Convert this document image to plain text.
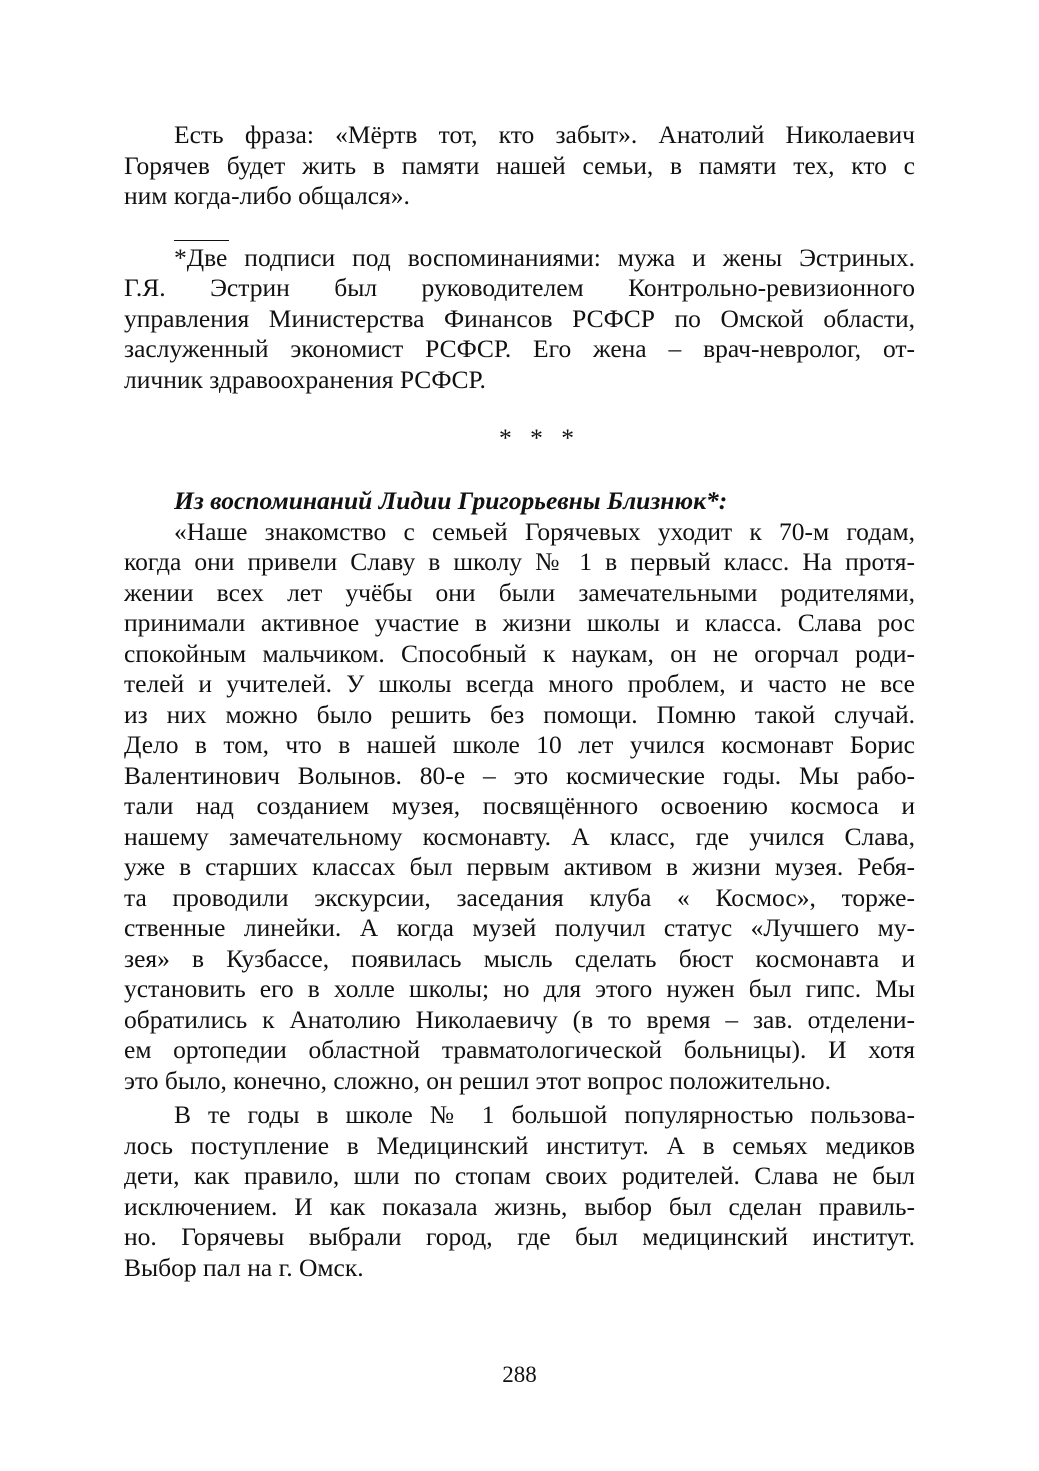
Есть фраза: «Мёртв тот, кто забыт». Анатолий Николаевич
Горячев будет жить в памяти нашей семьи, в памяти тех, кто с
ним когда-либо общался».
*Две подписи под воспоминаниями: мужа и жены Эстриных.
Г.Я. Эстрин был руководителем Контрольно-ревизионного
управления Министерства Финансов РСФСР по Омской области,
заслуженный экономист РСФСР. Его жена – врач-невролог, от-
личник здравоохранения РСФСР.
* * *
Из воспоминаний Лидии Григорьевны Близнюк*:
«Наше знакомство с семьей Горячевых уходит к 70-м годам,
когда они привели Славу в школу № 1 в первый класс. На протя-
жении всех лет учёбы они были замечательными родителями,
принимали активное участие в жизни школы и класса. Слава рос
спокойным мальчиком. Способный к наукам, он не огорчал роди-
телей и учителей. У школы всегда много проблем, и часто не все
из них можно было решить без помощи. Помню такой случай.
Дело в том, что в нашей школе 10 лет учился космонавт Борис
Валентинович Волынов. 80-е – это космические годы. Мы рабо-
тали над созданием музея, посвящённого освоению космоса и
нашему замечательному космонавту. А класс, где учился Слава,
уже в старших классах был первым активом в жизни музея. Ребя-
та проводили экскурсии, заседания клуба « Космос», торже-
ственные линейки. А когда музей получил статус «Лучшего му-
зея» в Кузбассе, появилась мысль сделать бюст космонавта и
установить его в холле школы; но для этого нужен был гипс. Мы
обратились к Анатолию Николаевичу (в то время – зав. отделени-
ем ортопедии областной травматологической больницы). И хотя
это было, конечно, сложно, он решил этот вопрос положительно.
В те годы в школе № 1 большой популярностью пользова-
лось поступление в Медицинский институт. А в семьях медиков
дети, как правило, шли по стопам своих родителей. Слава не был
исключением. И как показала жизнь, выбор был сделан правиль-
но. Горячевы выбрали город, где был медицинский институт.
Выбор пал на г. Омск.
288
